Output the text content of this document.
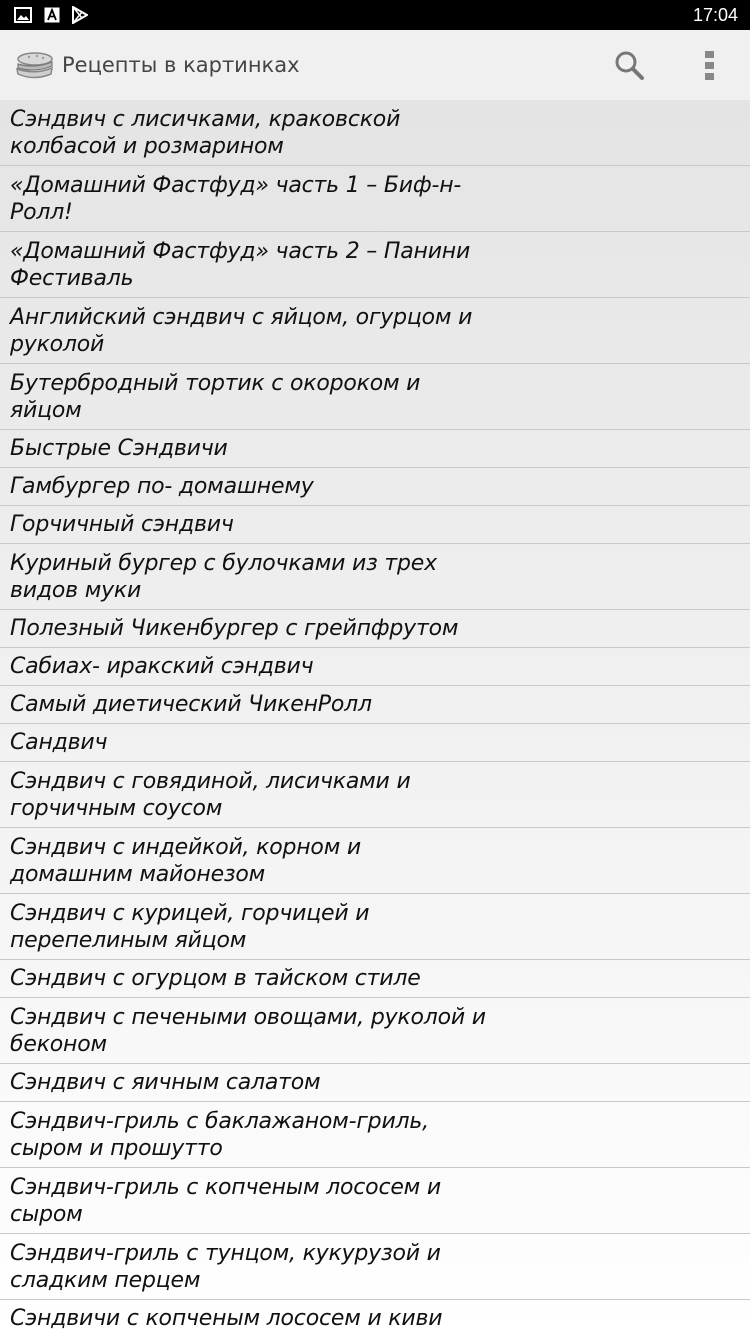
17:04
Рецепты в картинках
Сэндвич с лисичками, краковской колбасой и розмарином
«Домашний Фастфуд» часть 1 – Биф-н-Ролл!
«Домашний Фастфуд» часть 2 – Панини Фестиваль
Английский сэндвич с яйцом, огурцом и руколой
Бутербродный тортик с окороком и яйцом
Быстрые Сэндвичи
Гамбургер по- домашнему
Горчичный сэндвич
Куриный бургер с булочками из трех видов муки
Полезный Чикенбургер с грейпфрутом
Сабиах- иракский сэндвич
Самый диетический ЧикенРолл
Сандвич
Сэндвич с говядиной, лисичками и горчичным соусом
Сэндвич с индейкой, корном и домашним майонезом
Сэндвич с курицей, горчицей и перепелиным яйцом
Сэндвич с огурцом в тайском стиле
Сэндвич с печеными овощами, руколой и беконом
Сэндвич с яичным салатом
Сэндвич-гриль с баклажаном-гриль, сыром и прошутто
Сэндвич-гриль с копченым лососем и сыром
Сэндвич-гриль с тунцом, кукурузой и сладким перцем
Сэндвичи с копченым лососем и киви
